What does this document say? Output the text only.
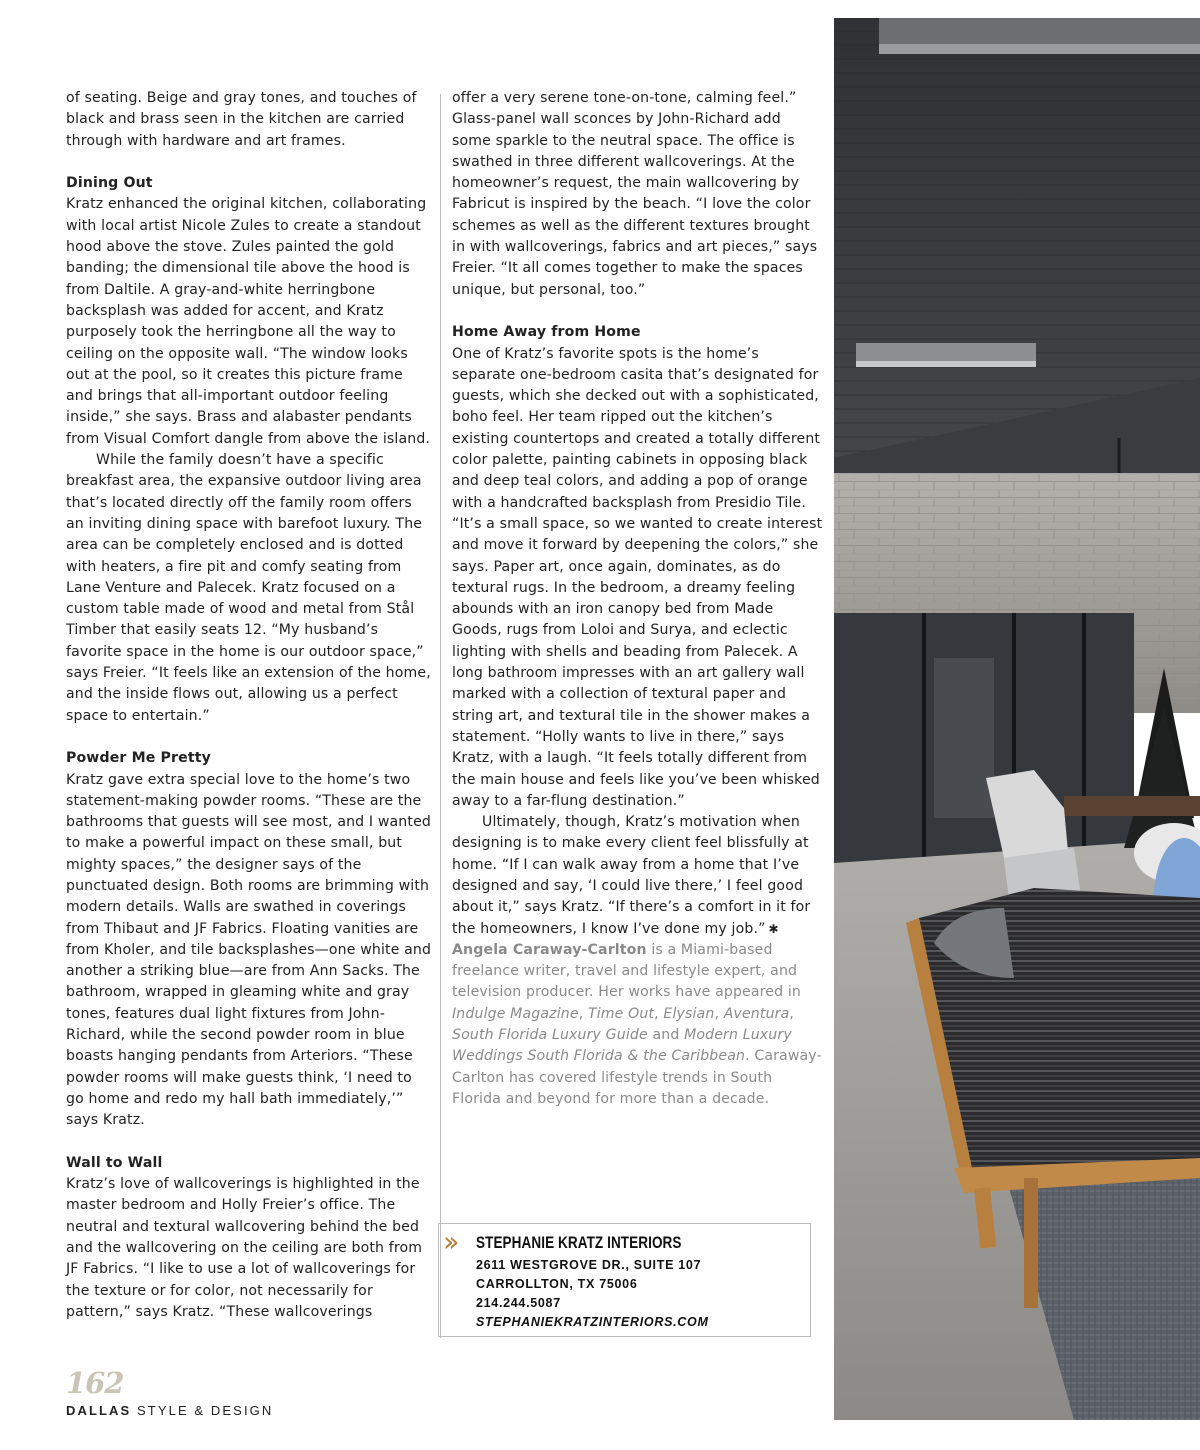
of seating. Beige and gray tones, and touches of black and brass seen in the kitchen are carried through with hardware and art frames.

Dining Out

Kratz enhanced the original kitchen, collaborating with local artist Nicole Zules to create a standout hood above the stove. Zules painted the gold banding; the dimensional tile above the hood is from Daltile. A gray-and-white herringbone backsplash was added for accent, and Kratz purposely took the herringbone all the way to ceiling on the opposite wall. “The window looks out at the pool, so it creates this picture frame and brings that all-important outdoor feeling inside,” she says. Brass and alabaster pendants from Visual Comfort dangle from above the island.

While the family doesn’t have a specific breakfast area, the expansive outdoor living area that’s located directly off the family room offers an inviting dining space with barefoot luxury. The area can be completely enclosed and is dotted with heaters, a fire pit and comfy seating from Lane Venture and Palecek. Kratz focused on a custom table made of wood and metal from Stål Timber that easily seats 12. “My husband’s favorite space in the home is our outdoor space,” says Freier. “It feels like an extension of the home, and the inside flows out, allowing us a perfect space to entertain.”

Powder Me Pretty

Kratz gave extra special love to the home’s two statement-making powder rooms. “These are the bathrooms that guests will see most, and I wanted to make a powerful impact on these small, but mighty spaces,” the designer says of the punctuated design. Both rooms are brimming with modern details. Walls are swathed in coverings from Thibaut and JF Fabrics. Floating vanities are from Kholer, and tile backsplashes—one white and another a striking blue—are from Ann Sacks. The bathroom, wrapped in gleaming white and gray tones, features dual light fixtures from John-Richard, while the second powder room in blue boasts hanging pendants from Arteriors. “These powder rooms will make guests think, ‘I need to go home and redo my hall bath immediately,’” says Kratz.

Wall to Wall

Kratz’s love of wallcoverings is highlighted in the master bedroom and Holly Freier’s office. The neutral and textural wallcovering behind the bed and the wallcovering on the ceiling are both from JF Fabrics. “I like to use a lot of wallcoverings for the texture or for color, not necessarily for pattern,” says Kratz. “These wallcoverings

offer a very serene tone-on-tone, calming feel.” Glass-panel wall sconces by John-Richard add some sparkle to the neutral space. The office is swathed in three different wallcoverings. At the homeowner’s request, the main wallcovering by Fabricut is inspired by the beach. “I love the color schemes as well as the different textures brought in with wallcoverings, fabrics and art pieces,” says Freier. “It all comes together to make the spaces unique, but personal, too.”

Home Away from Home

One of Kratz’s favorite spots is the home’s separate one-bedroom casita that’s designated for guests, which she decked out with a sophisticated, boho feel. Her team ripped out the kitchen’s existing countertops and created a totally different color palette, painting cabinets in opposing black and deep teal colors, and adding a pop of orange with a handcrafted backsplash from Presidio Tile. “It’s a small space, so we wanted to create interest and move it forward by deepening the colors,” she says. Paper art, once again, dominates, as do textural rugs. In the bedroom, a dreamy feeling abounds with an iron canopy bed from Made Goods, rugs from Loloi and Surya, and eclectic lighting with shells and beading from Palecek. A long bathroom impresses with an art gallery wall marked with a collection of textural paper and string art, and textural tile in the shower makes a statement. “Holly wants to live in there,” says Kratz, with a laugh. “It feels totally different from the main house and feels like you’ve been whisked away to a far-flung destination.”

Ultimately, though, Kratz’s motivation when designing is to make every client feel blissfully at home. “If I can walk away from a home that I’ve designed and say, ‘I could live there,’ I feel good about it,” says Kratz. “If there’s a comfort in it for the homeowners, I know I’ve done my job.” ✱

Angela Caraway-Carlton is a Miami-based freelance writer, travel and lifestyle expert, and television producer. Her works have appeared in Indulge Magazine, Time Out, Elysian, Aventura, South Florida Luxury Guide and Modern Luxury Weddings South Florida & the Caribbean. Caraway-Carlton has covered lifestyle trends in South Florida and beyond for more than a decade.

›› STEPHANIE KRATZ INTERIORS
2611 WESTGROVE DR., SUITE 107
CARROLLTON, TX 75006
214.244.5087
STEPHANIEKRATZINTERIORS.COM
162
DALLAS STYLE & DESIGN
